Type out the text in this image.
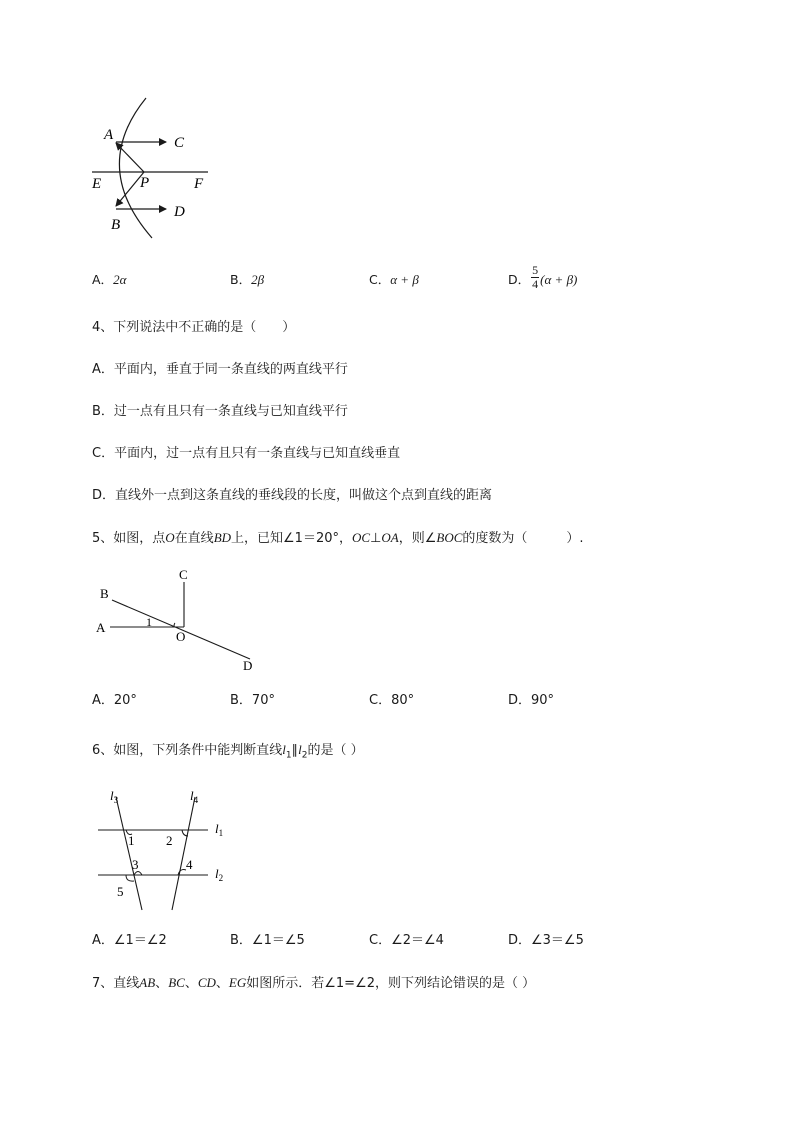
A	C
E	P	F
B
D
A．2α	B．2β	C．α + β	D． $\frac{5}{4} (\alpha + \beta)$
4、下列说法中不正确的是（　　）
A．平面内，垂直于同一条直线的两直线平行
B．过一点有且只有一条直线与已知直线平行
C．平面内，过一点有且只有一条直线与已知直线垂直
D．直线外一点到这条直线的垂线段的长度，叫做这个点到直线的距离
5、如图，点O在直线BD上，已知∠1＝20°，OC⊥OA，则∠BOC的度数为（　　　）.
C
B
A	1
O
D
A．20°	B．70°	C．80°	D．90°
6、如图，下列条件中能判断直线$l_1\parallel l_2$的是（ ）
$l_3$	$l_4$
$l_1$
$l_2$
1 2
3	4
5
A．∠1＝∠2	B．∠1＝∠5	C．∠2＝∠4	D．∠3＝∠5
7、直线AB、BC、CD、EG如图所示．若∠1=∠2，则下列结论错误的是（ ）
